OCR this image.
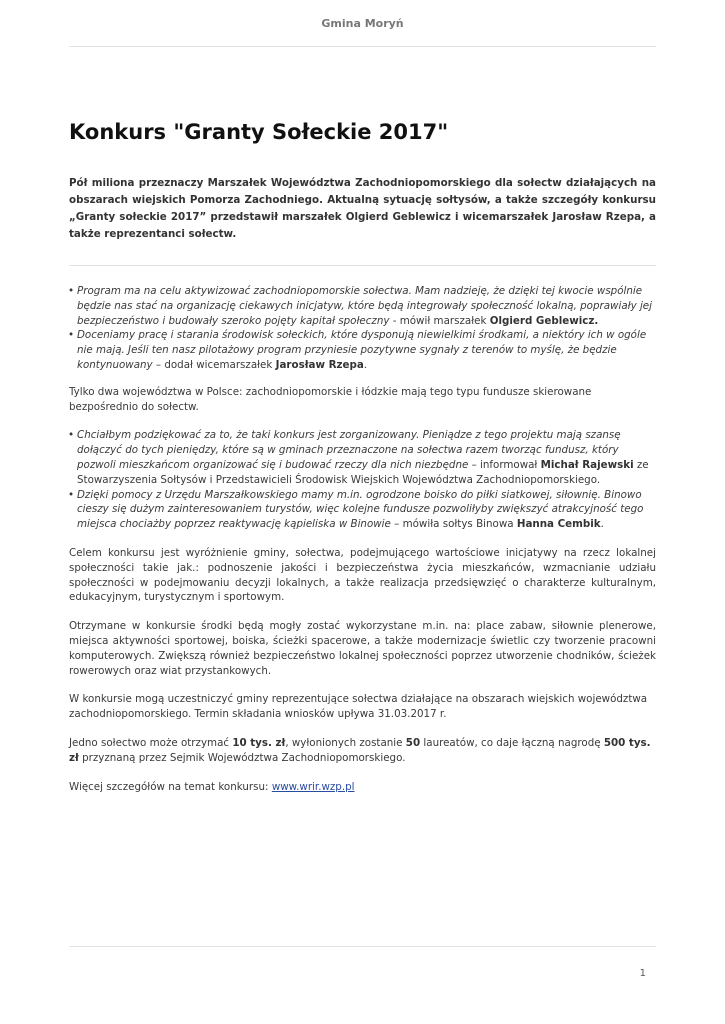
Gmina Moryń
Konkurs "Granty Sołeckie 2017"

Pół miliona przeznaczy Marszałek Województwa Zachodniopomorskiego dla sołectw działających na obszarach wiejskich Pomorza Zachodniego. Aktualną sytuację sołtysów, a także szczegóły konkursu „Granty sołeckie 2017” przedstawił marszałek Olgierd Geblewicz i wicemarszałek Jarosław Rzepa, a także reprezentanci sołectw.

• Program ma na celu aktywizować zachodniopomorskie sołectwa. Mam nadzieję, że dzięki tej kwocie wspólnie będzie nas stać na organizację ciekawych inicjatyw, które będą integrowały społeczność lokalną, poprawiały jej bezpieczeństwo i budowały szeroko pojęty kapitał społeczny - mówił marszałek Olgierd Geblewicz.
• Doceniamy pracę i starania środowisk sołeckich, które dysponują niewielkimi środkami, a niektóry ich w ogóle nie mają. Jeśli ten nasz pilotażowy program przyniesie pozytywne sygnały z terenów to myślę, że będzie kontynuowany – dodał wicemarszałek Jarosław Rzepa.

Tylko dwa województwa w Polsce: zachodniopomorskie i łódzkie mają tego typu fundusze skierowane bezpośrednio do sołectw.

• Chciałbym podziękować za to, że taki konkurs jest zorganizowany. Pieniądze z tego projektu mają szansę dołączyć do tych pieniędzy, które są w gminach przeznaczone na sołectwa razem tworząc fundusz, który pozwoli mieszkańcom organizować się i budować rzeczy dla nich niezbędne – informował Michał Rajewski ze Stowarzyszenia Sołtysów i Przedstawicieli Środowisk Wiejskich Województwa Zachodniopomorskiego.
• Dzięki pomocy z Urzędu Marszałkowskiego mamy m.in. ogrodzone boisko do piłki siatkowej, siłownię. Binowo cieszy się dużym zainteresowaniem turystów, więc kolejne fundusze pozwoliłyby zwiększyć atrakcyjność tego miejsca chociażby poprzez reaktywację kąpieliska w Binowie – mówiła sołtys Binowa Hanna Cembik.

Celem konkursu jest wyróżnienie gminy, sołectwa, podejmującego wartościowe inicjatywy na rzecz lokalnej społeczności takie jak.: podnoszenie jakości i bezpieczeństwa życia mieszkańców, wzmacnianie udziału społeczności w podejmowaniu decyzji lokalnych, a także realizacja przedsięwzięć o charakterze kulturalnym, edukacyjnym, turystycznym i sportowym.

Otrzymane w konkursie środki będą mogły zostać wykorzystane m.in. na: place zabaw, siłownie plenerowe, miejsca aktywności sportowej, boiska, ścieżki spacerowe, a także modernizacje świetlic czy tworzenie pracowni komputerowych. Zwiększą również bezpieczeństwo lokalnej społeczności poprzez utworzenie chodników, ścieżek rowerowych oraz wiat przystankowych.

W konkursie mogą uczestniczyć gminy reprezentujące sołectwa działające na obszarach wiejskich województwa zachodniopomorskiego. Termin składania wniosków upływa 31.03.2017 r.

Jedno sołectwo może otrzymać 10 tys. zł, wyłonionych zostanie 50 laureatów, co daje łączną nagrodę 500 tys. zł przyznaną przez Sejmik Województwa Zachodniopomorskiego.

Więcej szczegółów na temat konkursu: www.wrir.wzp.pl

1
